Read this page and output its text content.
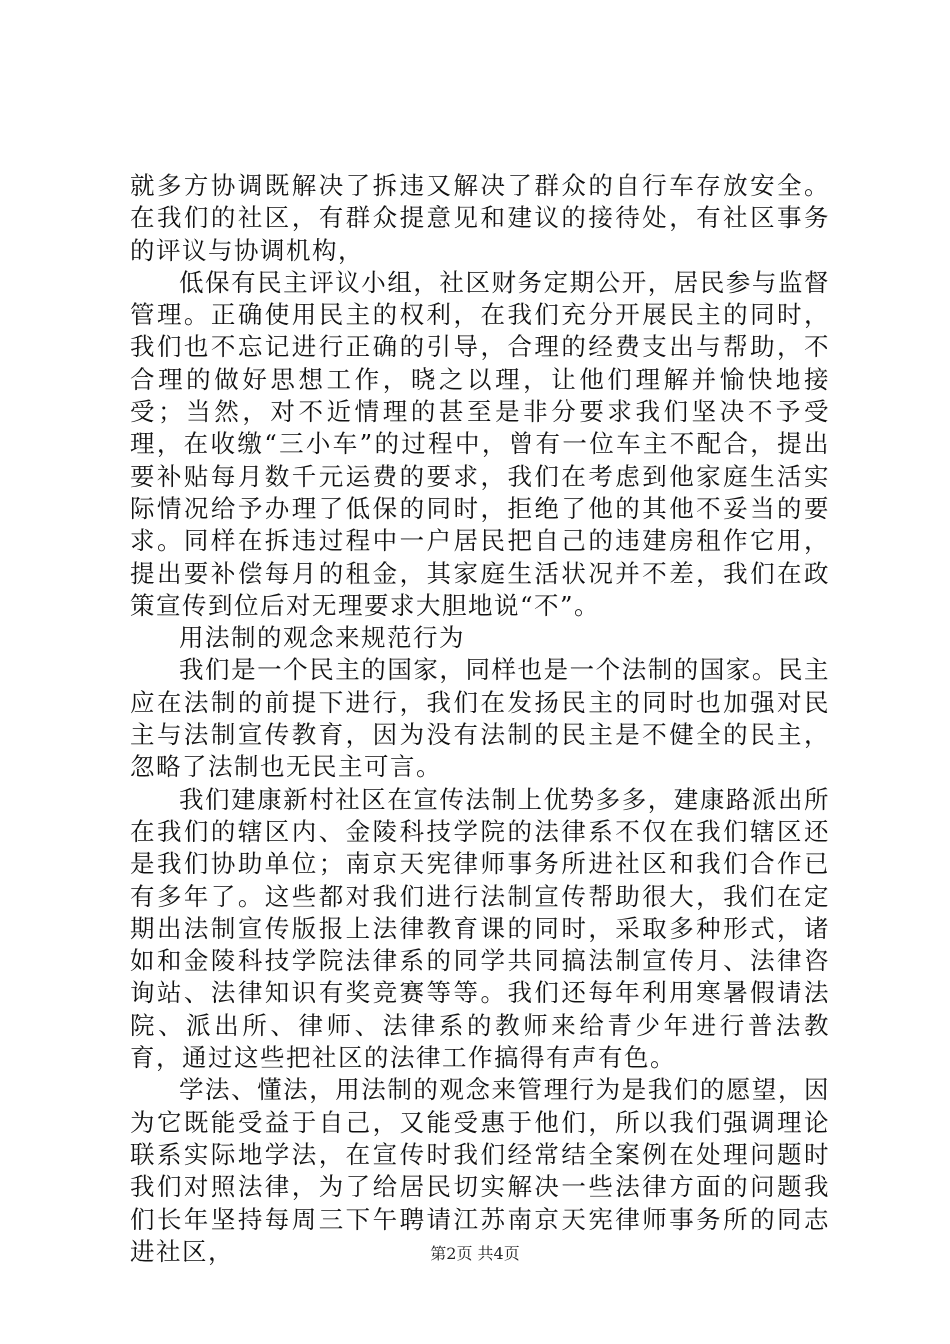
就多方协调既解决了拆违又解决了群众的自行车存放安全。在我们的社区，有群众提意见和建议的接待处，有社区事务的评议与协调机构，

低保有民主评议小组，社区财务定期公开，居民参与监督管理。正确使用民主的权利，在我们充分开展民主的同时，我们也不忘记进行正确的引导，合理的经费支出与帮助，不合理的做好思想工作，晓之以理，让他们理解并愉快地接受；当然，对不近情理的甚至是非分要求我们坚决不予受理，在收缴“三小车”的过程中，曾有一位车主不配合，提出要补贴每月数千元运费的要求，我们在考虑到他家庭生活实际情况给予办理了低保的同时，拒绝了他的其他不妥当的要求。同样在拆违过程中一户居民把自己的违建房租作它用，提出要补偿每月的租金，其家庭生活状况并不差，我们在政策宣传到位后对无理要求大胆地说“不”。

用法制的观念来规范行为

我们是一个民主的国家，同样也是一个法制的国家。民主应在法制的前提下进行，我们在发扬民主的同时也加强对民主与法制宣传教育，因为没有法制的民主是不健全的民主，忽略了法制也无民主可言。

我们建康新村社区在宣传法制上优势多多，建康路派出所在我们的辖区内、金陵科技学院的法律系不仅在我们辖区还是我们协助单位；南京天宪律师事务所进社区和我们合作已有多年了。这些都对我们进行法制宣传帮助很大，我们在定期出法制宣传版报上法律教育课的同时，采取多种形式，诸如和金陵科技学院法律系的同学共同搞法制宣传月、法律咨询站、法律知识有奖竞赛等等。我们还每年利用寒暑假请法院、派出所、律师、法律系的教师来给青少年进行普法教育，通过这些把社区的法律工作搞得有声有色。

学法、懂法，用法制的观念来管理行为是我们的愿望，因为它既能受益于自己，又能受惠于他们，所以我们强调理论联系实际地学法，在宣传时我们经常结全案例在处理问题时我们对照法律，为了给居民切实解决一些法律方面的问题我们长年坚持每周三下午聘请江苏南京天宪律师事务所的同志进社区，	第2页 共4页
